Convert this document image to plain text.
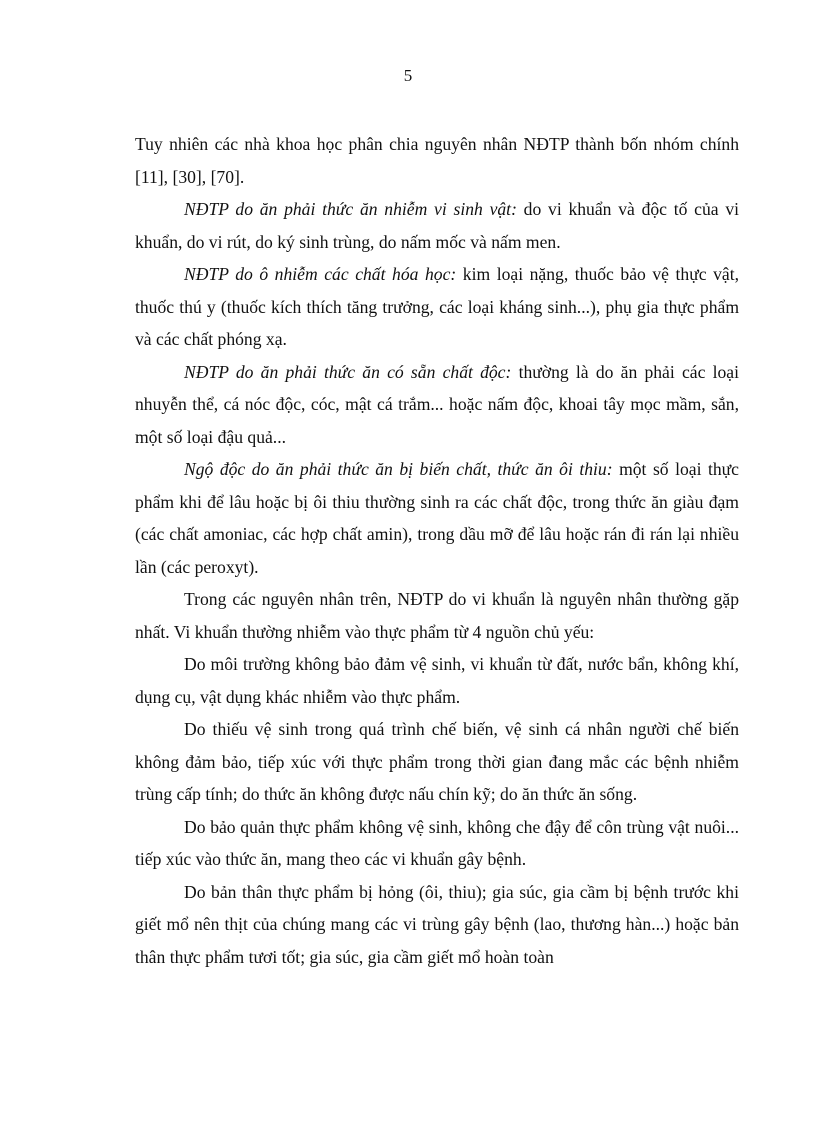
5

Tuy nhiên các nhà khoa học phân chia nguyên nhân NĐTP thành bốn nhóm chính [11], [30], [70].

NĐTP do ăn phải thức ăn nhiễm vi sinh vật: do vi khuẩn và độc tố của vi khuẩn, do vi rút, do ký sinh trùng, do nấm mốc và nấm men.

NĐTP do ô nhiễm các chất hóa học: kim loại nặng, thuốc bảo vệ thực vật, thuốc thú y (thuốc kích thích tăng trưởng, các loại kháng sinh...), phụ gia thực phẩm và các chất phóng xạ.

NĐTP do ăn phải thức ăn có sẵn chất độc: thường là do ăn phải các loại nhuyễn thể, cá nóc độc, cóc, mật cá trắm... hoặc nấm độc, khoai tây mọc mầm, sắn, một số loại đậu quả...

Ngộ độc do ăn phải thức ăn bị biến chất, thức ăn ôi thiu: một số loại thực phẩm khi để lâu hoặc bị ôi thiu thường sinh ra các chất độc, trong thức ăn giàu đạm (các chất amoniac, các hợp chất amin), trong dầu mỡ để lâu hoặc rán đi rán lại nhiều lần (các peroxyt).

Trong các nguyên nhân trên, NĐTP do vi khuẩn là nguyên nhân thường gặp nhất. Vi khuẩn thường nhiễm vào thực phẩm từ 4 nguồn chủ yếu:

Do môi trường không bảo đảm vệ sinh, vi khuẩn từ đất, nước bẩn, không khí, dụng cụ, vật dụng khác nhiễm vào thực phẩm.

Do thiếu vệ sinh trong quá trình chế biến, vệ sinh cá nhân người chế biến không đảm bảo, tiếp xúc với thực phẩm trong thời gian đang mắc các bệnh nhiễm trùng cấp tính; do thức ăn không được nấu chín kỹ; do ăn thức ăn sống.

Do bảo quản thực phẩm không vệ sinh, không che đậy để côn trùng vật nuôi... tiếp xúc vào thức ăn, mang theo các vi khuẩn gây bệnh.

Do bản thân thực phẩm bị hỏng (ôi, thiu); gia súc, gia cầm bị bệnh trước khi giết mổ nên thịt của chúng mang các vi trùng gây bệnh (lao, thương hàn...) hoặc bản thân thực phẩm tươi tốt; gia súc, gia cầm giết mổ hoàn toàn
